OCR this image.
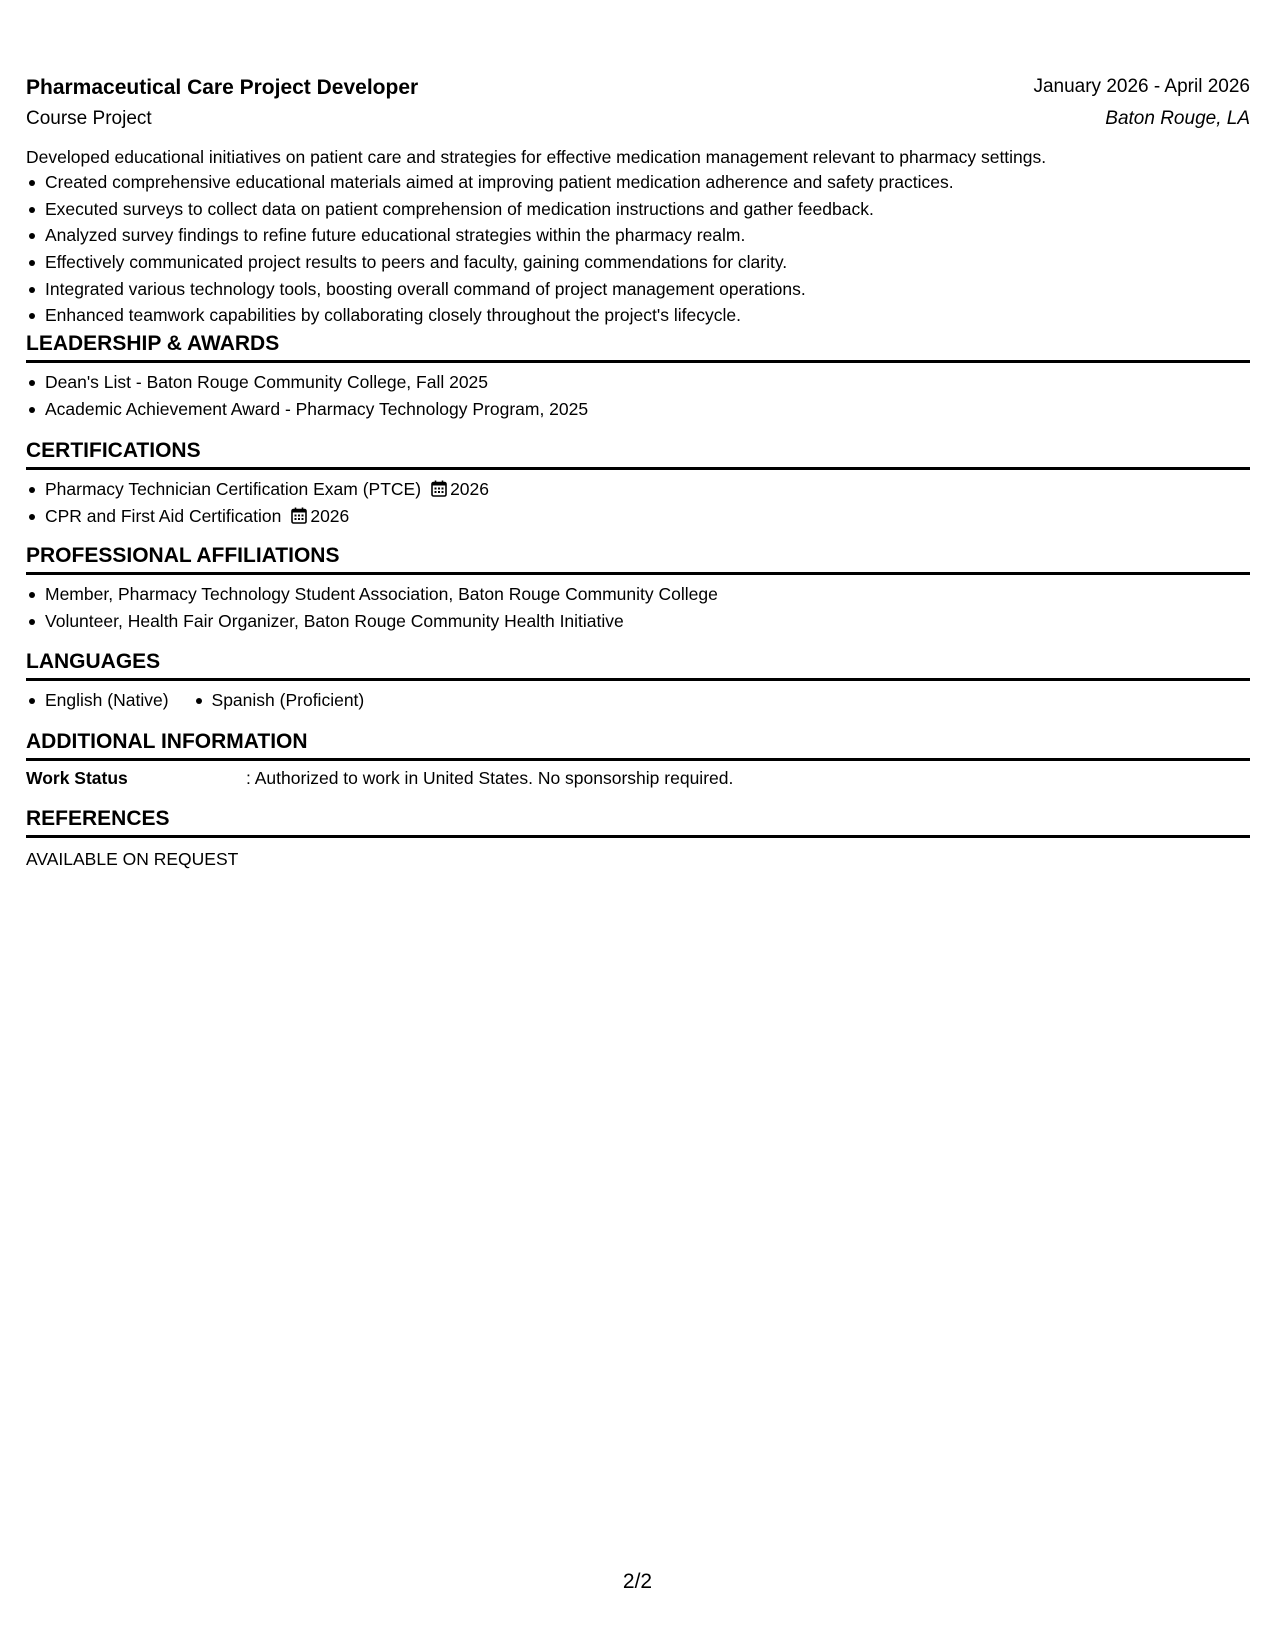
Pharmaceutical Care Project Developer	January 2026 - April 2026
Course Project	Baton Rouge, LA
Developed educational initiatives on patient care and strategies for effective medication management relevant to pharmacy settings.
Created comprehensive educational materials aimed at improving patient medication adherence and safety practices.
Executed surveys to collect data on patient comprehension of medication instructions and gather feedback.
Analyzed survey findings to refine future educational strategies within the pharmacy realm.
Effectively communicated project results to peers and faculty, gaining commendations for clarity.
Integrated various technology tools, boosting overall command of project management operations.
Enhanced teamwork capabilities by collaborating closely throughout the project's lifecycle.
LEADERSHIP & AWARDS
Dean's List - Baton Rouge Community College, Fall 2025
Academic Achievement Award - Pharmacy Technology Program, 2025
CERTIFICATIONS
Pharmacy Technician Certification Exam (PTCE) 2026
CPR and First Aid Certification 2026
PROFESSIONAL AFFILIATIONS
Member, Pharmacy Technology Student Association, Baton Rouge Community College
Volunteer, Health Fair Organizer, Baton Rouge Community Health Initiative
LANGUAGES
English (Native)	Spanish (Proficient)
ADDITIONAL INFORMATION
Work Status	: Authorized to work in United States. No sponsorship required.
REFERENCES
AVAILABLE ON REQUEST
2/2
